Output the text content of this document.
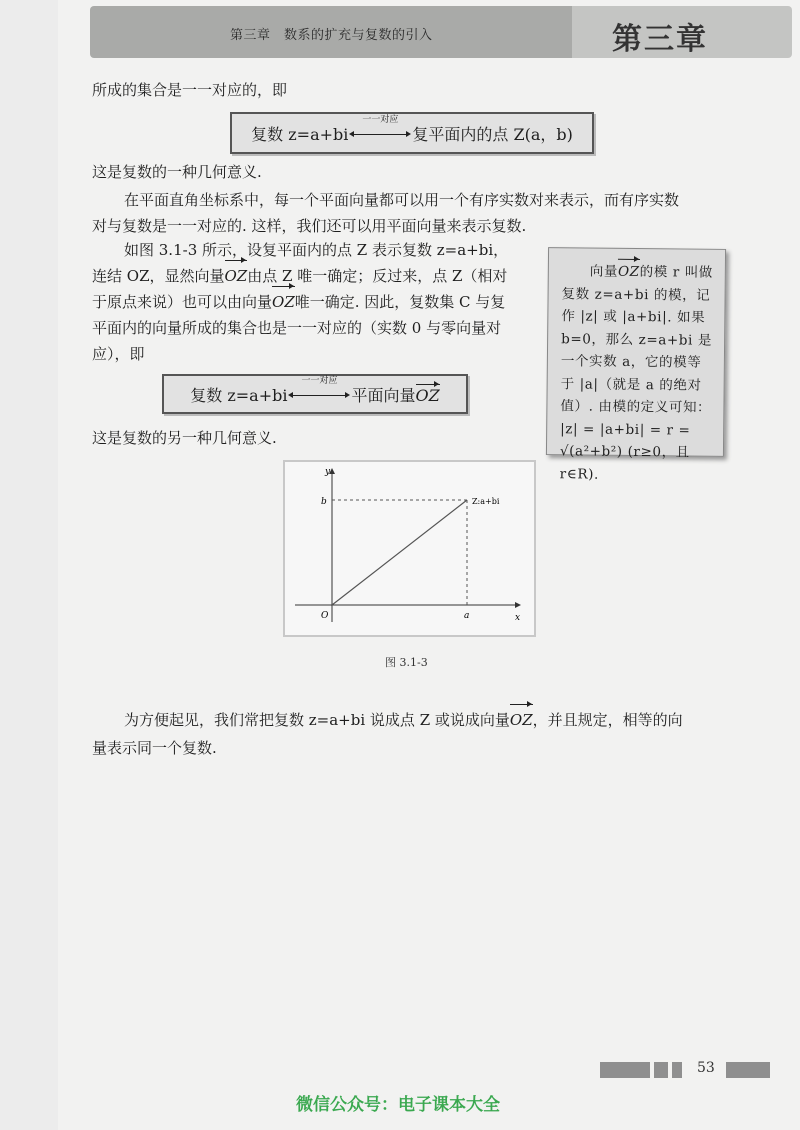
第三章　数系的扩充与复数的引入	第三章
所成的集合是一一对应的，即
复数 z=a+bi
一一对应
复平面内的点 Z(a，b)
这是复数的一种几何意义.
在平面直角坐标系中，每一个平面向量都可以用一个有序实数对来表示，而有序实数
对与复数是一一对应的. 这样，我们还可以用平面向量来表示复数.
如图 3.1-3 所示，设复平面内的点 Z 表示复数 z=a+bi，
连结 OZ，显然向量OZ由点 Z 唯一确定；反过来，点 Z（相对
于原点来说）也可以由向量OZ唯一确定. 因此，复数集 C 与复
平面内的向量所成的集合也是一一对应的（实数 0 与零向量对
应），即
复数 z=a+bi
一一对应
平面向量OZ
这是复数的另一种几何意义.
向量OZ的模 r 叫做
复数 z=a+bi 的模，记
作 |z| 或 |a+bi|. 如果
b=0，那么 z=a+bi 是
一个实数 a，它的模等
于 |a|（就是 a 的绝对
值）. 由模的定义可知：
|z| = |a+bi| = r =
√(a²+b²) (r≥0，且 r∈R).
y
x
O
b
a
Z:a+bi
图 3.1-3
为方便起见，我们常把复数 z=a+bi 说成点 Z 或说成向量OZ，并且规定，相等的向
量表示同一个复数.
53
微信公众号：电子课本大全
